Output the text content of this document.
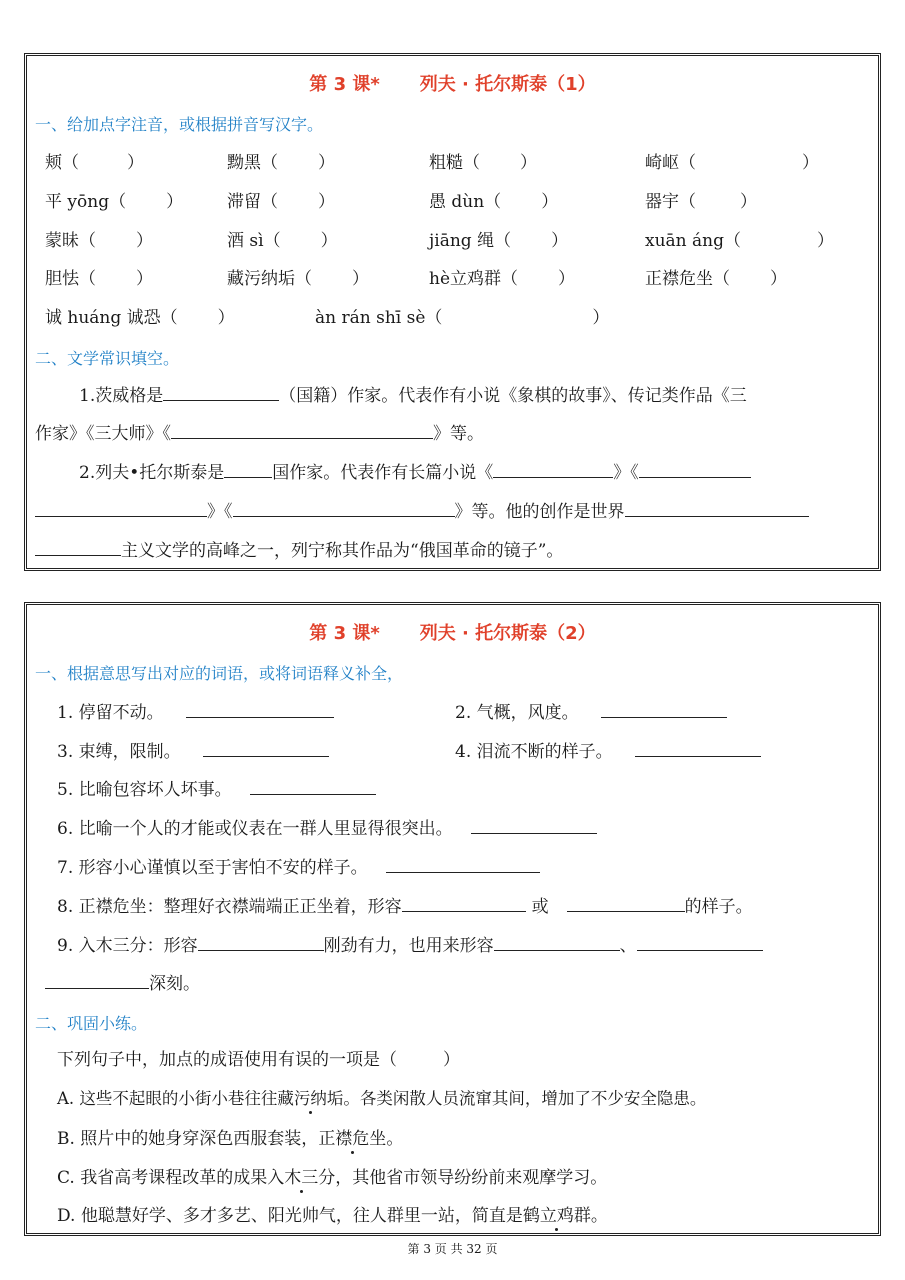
第 3 课* 列夫 · 托尔斯泰（1）
一、给加点字注音，或根据拼音写汉字。
颊（	）	黝黑（ ）	粗糙（ ）	崎岖（	）
平 yōng（ ）	滞留（ ）	愚 dùn（ ）	器宇（	）
蒙昧（ ）	酒 sì（ ）	jiāng 绳（ ）	xuān áng（	）
胆怯（ ）	藏污纳垢（ ）	hè立鸡群（ ）	正襟危坐（ ）
诚 huáng 诚恐（ ）	àn rán shī sè（	）
二、文学常识填空。
1.茨威格是	（国籍）作家。代表作有小说《象棋的故事》、传记类作品《三
作家》《三大师》《	》等。
2.列夫•托尔斯泰是	国作家。代表作有长篇小说《	》《
》《	》等。他的创作是世界
主义文学的高峰之一，列宁称其作品为“俄国革命的镜子”。
第 3 课* 列夫 · 托尔斯泰（2）
一、根据意思写出对应的词语，或将词语释义补全，
1. 停留不动。	2. 气概，风度。
3. 束缚，限制。	4. 泪流不断的样子。
5. 比喻包容坏人坏事。
6. 比喻一个人的才能或仪表在一群人里显得很突出。
7. 形容小心谨慎以至于害怕不安的样子。
8. 正襟危坐：整理好衣襟端端正正坐着，形容	或	的样子。
9. 入木三分：形容	刚劲有力，也用来形容	、
深刻。
二、巩固小练。
下列句子中，加点的成语使用有误的一项是（	）
A. 这些不起眼的小街小巷往往藏污纳垢。各类闲散人员流窜其间，增加了不少安全隐患。
B. 照片中的她身穿深色西服套装，正襟危坐。
C. 我省高考课程改革的成果入木三分，其他省市领导纷纷前来观摩学习。
D. 他聪慧好学、多才多艺、阳光帅气，往人群里一站，简直是鹤立鸡群。
第 3 页 共 32 页
